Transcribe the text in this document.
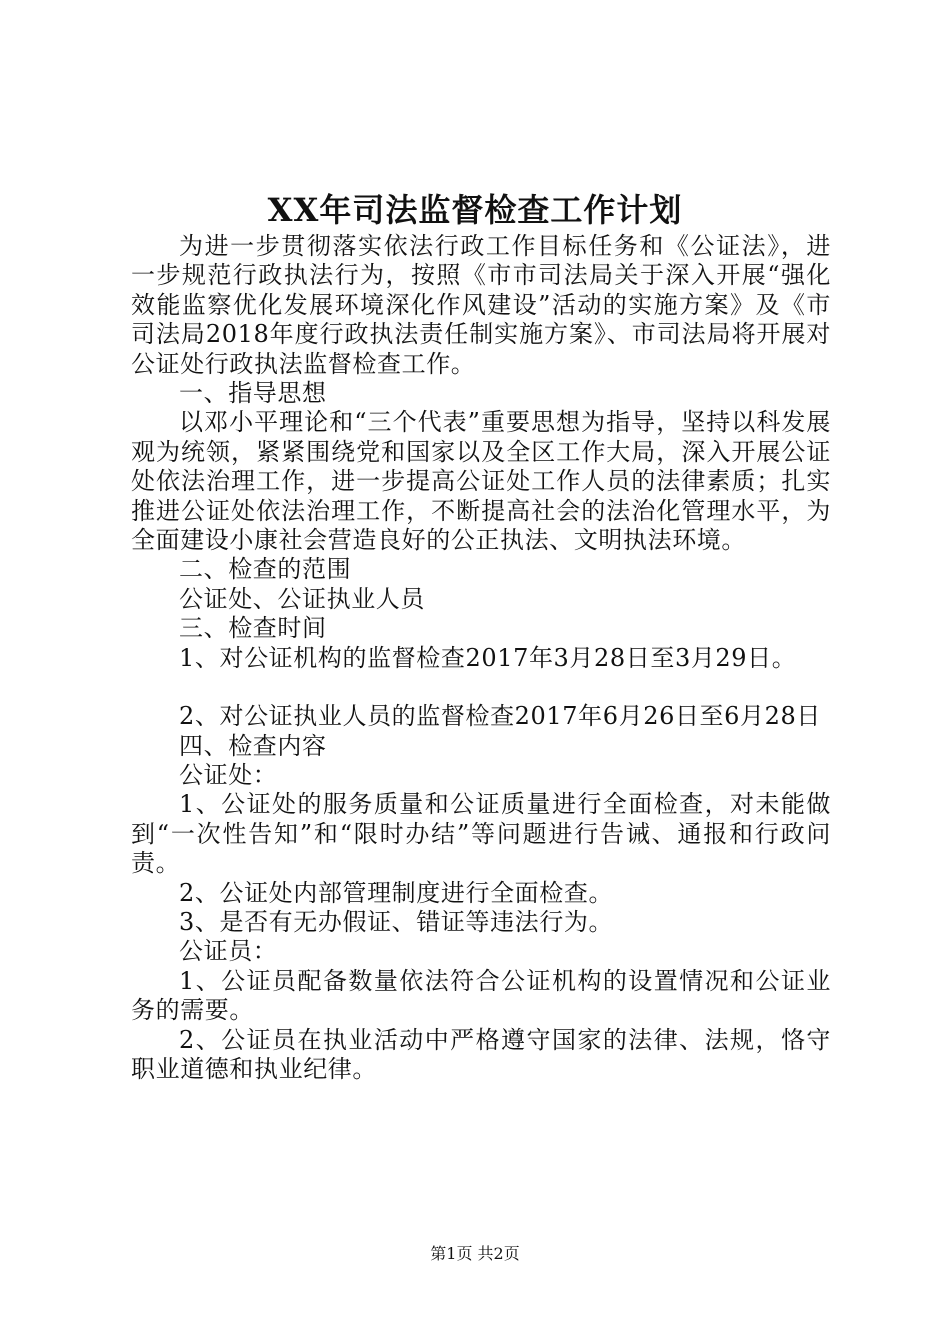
XX年司法监督检查工作计划

为进一步贯彻落实依法行政工作目标任务和《公证法》，进一步规范行政执法行为，按照《市市司法局关于深入开展“强化效能监察优化发展环境深化作风建设”活动的实施方案》及《市司法局2018年度行政执法责任制实施方案》、市司法局将开展对公证处行政执法监督检查工作。

一、指导思想

以邓小平理论和“三个代表”重要思想为指导，坚持以科发展观为统领，紧紧围绕党和国家以及全区工作大局，深入开展公证处依法治理工作，进一步提高公证处工作人员的法律素质；扎实推进公证处依法治理工作，不断提高社会的法治化管理水平，为全面建设小康社会营造良好的公正执法、文明执法环境。

二、检查的范围

公证处、公证执业人员

三、检查时间

1、对公证机构的监督检查2017年3月28日至3月29日。

2、对公证执业人员的监督检查2017年6月26日至6月28日

四、检查内容

公证处：

1、公证处的服务质量和公证质量进行全面检查，对未能做到“一次性告知”和“限时办结”等问题进行告诫、通报和行政问责。

2、公证处内部管理制度进行全面检查。

3、是否有无办假证、错证等违法行为。

公证员：

1、公证员配备数量依法符合公证机构的设置情况和公证业务的需要。

2、公证员在执业活动中严格遵守国家的法律、法规，恪守职业道德和执业纪律。

第1页 共2页
